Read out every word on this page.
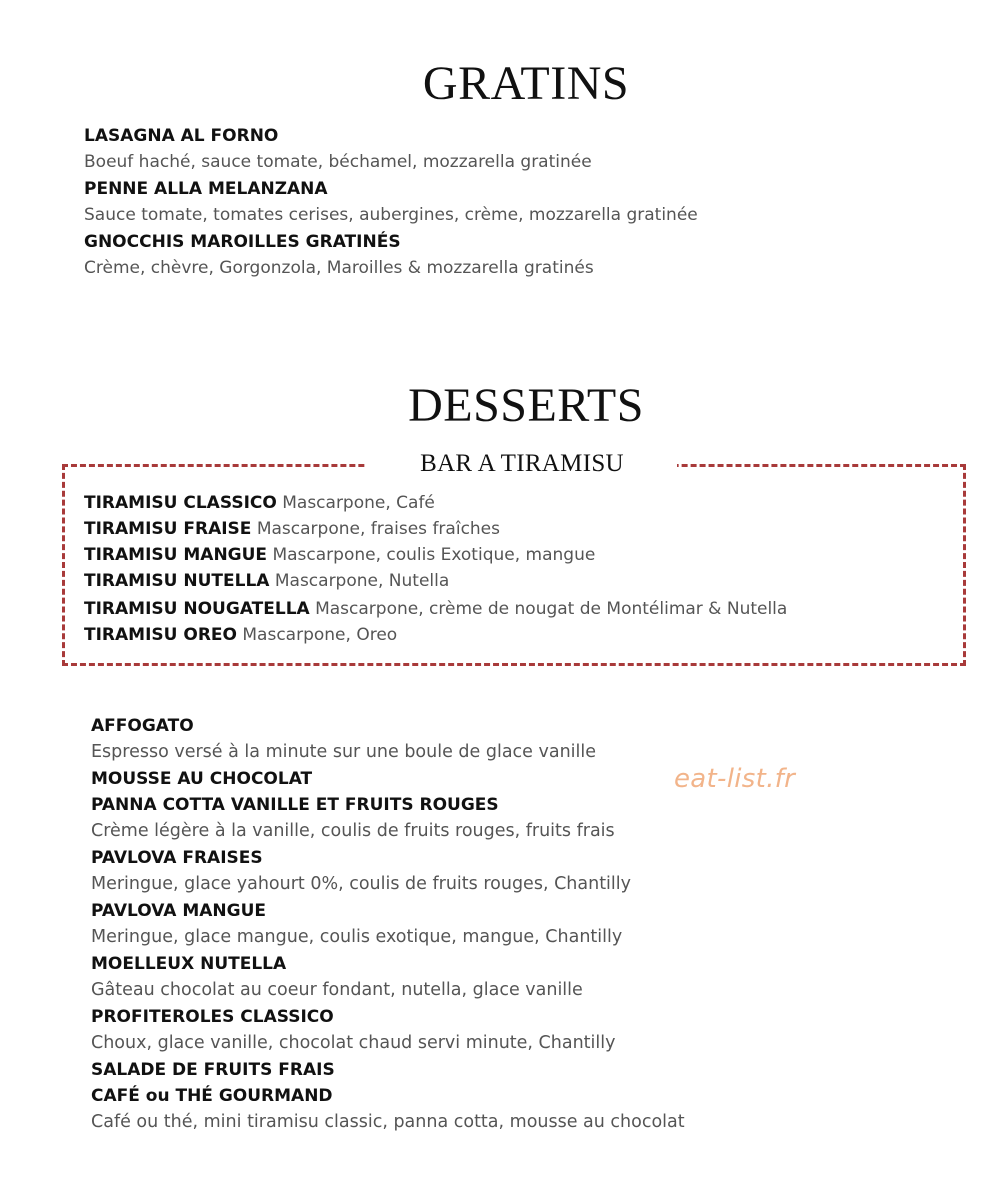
GRATINS
LASAGNA AL FORNO
Boeuf haché, sauce tomate, béchamel, mozzarella gratinée
PENNE ALLA MELANZANA
Sauce tomate, tomates cerises, aubergines, crème, mozzarella gratinée
GNOCCHIS MAROILLES GRATINÉS
Crème, chèvre, Gorgonzola, Maroilles & mozzarella gratinés
DESSERTS
BAR A TIRAMISU
TIRAMISU CLASSICO Mascarpone, Café
TIRAMISU FRAISE Mascarpone, fraises fraîches
TIRAMISU MANGUE Mascarpone, coulis Exotique, mangue
TIRAMISU NUTELLA Mascarpone, Nutella
TIRAMISU NOUGATELLA Mascarpone, crème de nougat de Montélimar & Nutella
TIRAMISU OREO Mascarpone, Oreo
AFFOGATO
Espresso versé à la minute sur une boule de glace vanille
MOUSSE AU CHOCOLAT
PANNA COTTA VANILLE ET FRUITS ROUGES
Crème légère à la vanille, coulis de fruits rouges, fruits frais
PAVLOVA FRAISES
Meringue, glace yahourt 0%, coulis de fruits rouges, Chantilly
PAVLOVA MANGUE
Meringue, glace mangue, coulis exotique, mangue, Chantilly
MOELLEUX NUTELLA
Gâteau chocolat au coeur fondant, nutella, glace vanille
PROFITEROLES CLASSICO
Choux, glace vanille, chocolat chaud servi minute, Chantilly
SALADE DE FRUITS FRAIS
CAFÉ ou THÉ GOURMAND
Café ou thé, mini tiramisu classic, panna cotta, mousse au chocolat
eat-list.fr
